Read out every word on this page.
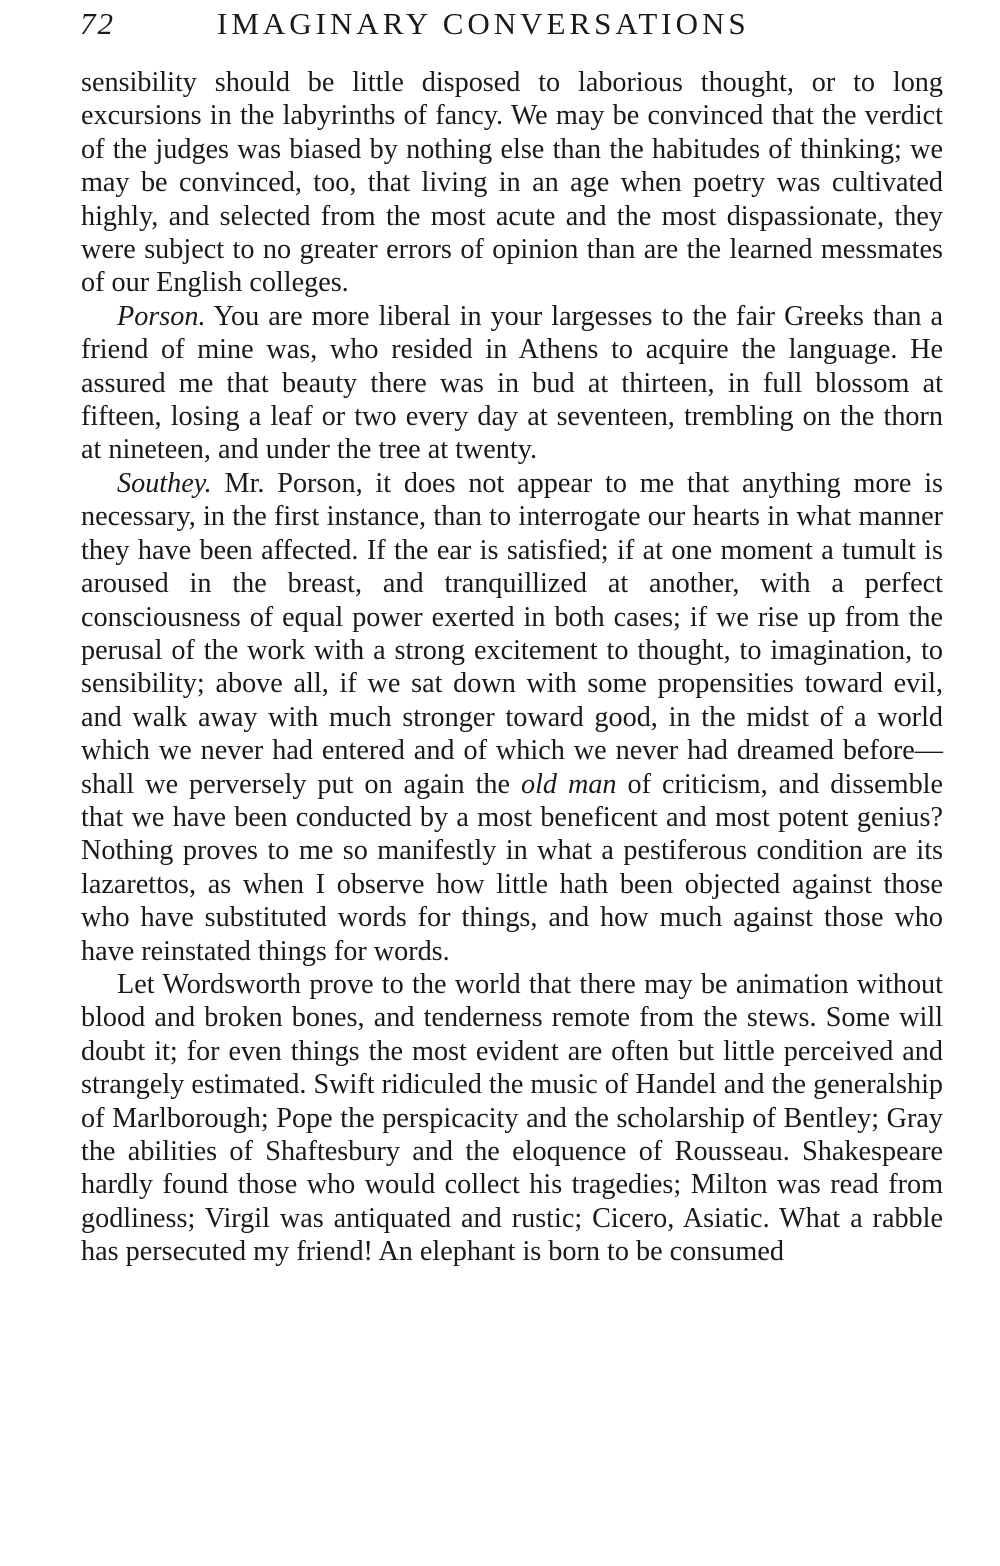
72	IMAGINARY CONVERSATIONS

sensibility should be little disposed to laborious thought, or to long excursions in the labyrinths of fancy. We may be convinced that the verdict of the judges was biased by nothing else than the habitudes of thinking; we may be convinced, too, that living in an age when poetry was cultivated highly, and selected from the most acute and the most dispassionate, they were subject to no greater errors of opinion than are the learned messmates of our English colleges.

Porson. You are more liberal in your largesses to the fair Greeks than a friend of mine was, who resided in Athens to acquire the language. He assured me that beauty there was in bud at thirteen, in full blossom at fifteen, losing a leaf or two every day at seventeen, trembling on the thorn at nineteen, and under the tree at twenty.

Southey. Mr. Porson, it does not appear to me that anything more is necessary, in the first instance, than to interrogate our hearts in what manner they have been affected. If the ear is satisfied; if at one moment a tumult is aroused in the breast, and tranquillized at another, with a perfect consciousness of equal power exerted in both cases; if we rise up from the perusal of the work with a strong excitement to thought, to imagination, to sensibility; above all, if we sat down with some propensities toward evil, and walk away with much stronger toward good, in the midst of a world which we never had entered and of which we never had dreamed before—shall we perversely put on again the old man of criticism, and dissemble that we have been conducted by a most beneficent and most potent genius? Nothing proves to me so manifestly in what a pestiferous condition are its lazarettos, as when I observe how little hath been objected against those who have substituted words for things, and how much against those who have reinstated things for words.

Let Wordsworth prove to the world that there may be animation without blood and broken bones, and tenderness remote from the stews. Some will doubt it; for even things the most evident are often but little perceived and strangely estimated. Swift ridiculed the music of Handel and the generalship of Marlborough; Pope the perspicacity and the scholarship of Bentley; Gray the abilities of Shaftesbury and the eloquence of Rousseau. Shakespeare hardly found those who would collect his tragedies; Milton was read from godliness; Virgil was antiquated and rustic; Cicero, Asiatic. What a rabble has persecuted my friend! An elephant is born to be consumed
